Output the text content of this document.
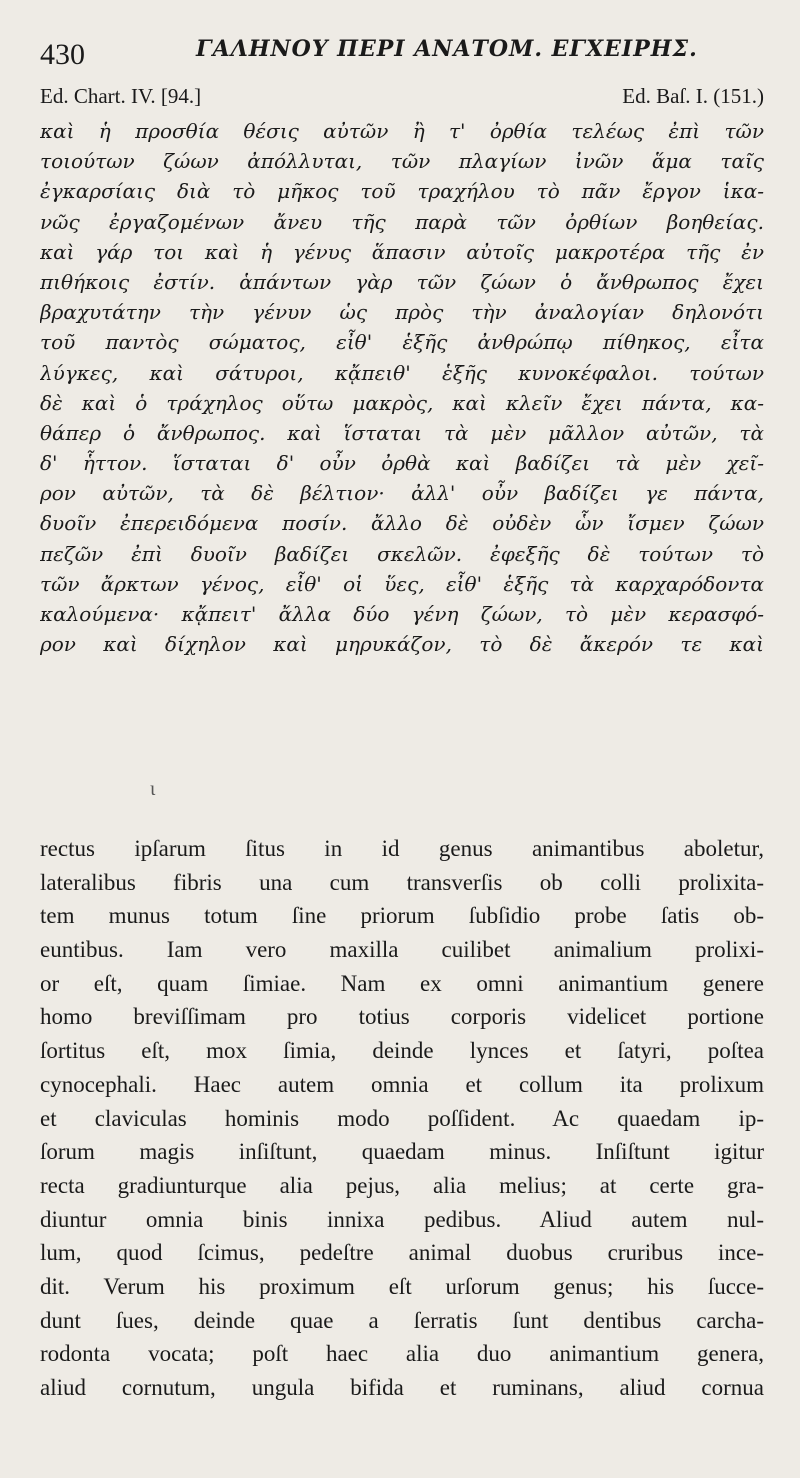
430	ΓΑΛΗΝΟΥ ΠΕΡΙ ΑΝΑΤΟΜ. ΕΓΧΕΙΡΗΣ.
Ed. Chart. IV. [94.]	Ed. Baſ. I. (151.)
καὶ ἡ προσθία θέσις αὐτῶν ἢ τ' ὀρθία τελέως ἐπὶ τῶν
τοιούτων ζώων ἀπόλλυται, τῶν πλαγίων ἰνῶν ἅμα ταῖς
ἐγκαρσίαις διὰ τὸ μῆκος τοῦ τραχήλου τὸ πᾶν ἔργον ἱκα-
νῶς ἐργαζομένων ἄνευ τῆς παρὰ τῶν ὀρθίων βοηθείας.
καὶ γάρ τοι καὶ ἡ γένυς ἅπασιν αὐτοῖς μακροτέρα τῆς ἐν
πιθήκοις ἐστίν. ἁπάντων γὰρ τῶν ζώων ὁ ἄνθρωπος ἔχει
βραχυτάτην τὴν γένυν ὡς πρὸς τὴν ἀναλογίαν δηλονότι
τοῦ παντὸς σώματος, εἶθ' ἑξῆς ἀνθρώπῳ πίθηκος, εἶτα
λύγκες, καὶ σάτυροι, κᾄπειθ' ἑξῆς κυνοκέφαλοι. τούτων
δὲ καὶ ὁ τράχηλος οὕτω μακρὸς, καὶ κλεῖν ἔχει πάντα, κα-
θάπερ ὁ ἄνθρωπος. καὶ ἵσταται τὰ μὲν μᾶλλον αὐτῶν, τὰ
δ' ἧττον. ἵσταται δ' οὖν ὀρθὰ καὶ βαδίζει τὰ μὲν χεῖ-
ρον αὐτῶν, τὰ δὲ βέλτιον· ἀλλ' οὖν βαδίζει γε πάντα,
δυοῖν ἐπερειδόμενα ποσίν. ἄλλο δὲ οὐδὲν ὧν ἴσμεν ζώων
πεζῶν ἐπὶ δυοῖν βαδίζει σκελῶν. ἐφεξῆς δὲ τούτων τὸ
τῶν ἄρκτων γένος, εἶθ' οἱ ὕες, εἶθ' ἑξῆς τὰ καρχαρόδοντα
καλούμενα· κᾄπειτ' ἄλλα δύο γένη ζώων, τὸ μὲν κερασφό-
ρον καὶ δίχηλον καὶ μηρυκάζον, τὸ δὲ ἄκερόν τε καὶ
ι
rectus ipſarum ſitus in id genus animantibus aboletur,
lateralibus fibris una cum transverſis ob colli prolixita-
tem munus totum ſine priorum ſubſidio probe ſatis ob-
euntibus. Iam vero maxilla cuilibet animalium prolixi-
or eſt, quam ſimiae. Nam ex omni animantium genere
homo breviſſimam pro totius corporis videlicet portione
ſortitus eſt, mox ſimia, deinde lynces et ſatyri, poſtea
cynocephali. Haec autem omnia et collum ita prolixum
et claviculas hominis modo poſſident. Ac quaedam ip-
ſorum magis inſiſtunt, quaedam minus. Inſiſtunt igitur
recta gradiunturque alia pejus, alia melius; at certe gra-
diuntur omnia binis innixa pedibus. Aliud autem nul-
lum, quod ſcimus, pedeſtre animal duobus cruribus ince-
dit. Verum his proximum eſt urſorum genus; his ſucce-
dunt ſues, deinde quae a ſerratis ſunt dentibus carcha-
rodonta vocata; poſt haec alia duo animantium genera,
aliud cornutum, ungula bifida et ruminans, aliud cornua
